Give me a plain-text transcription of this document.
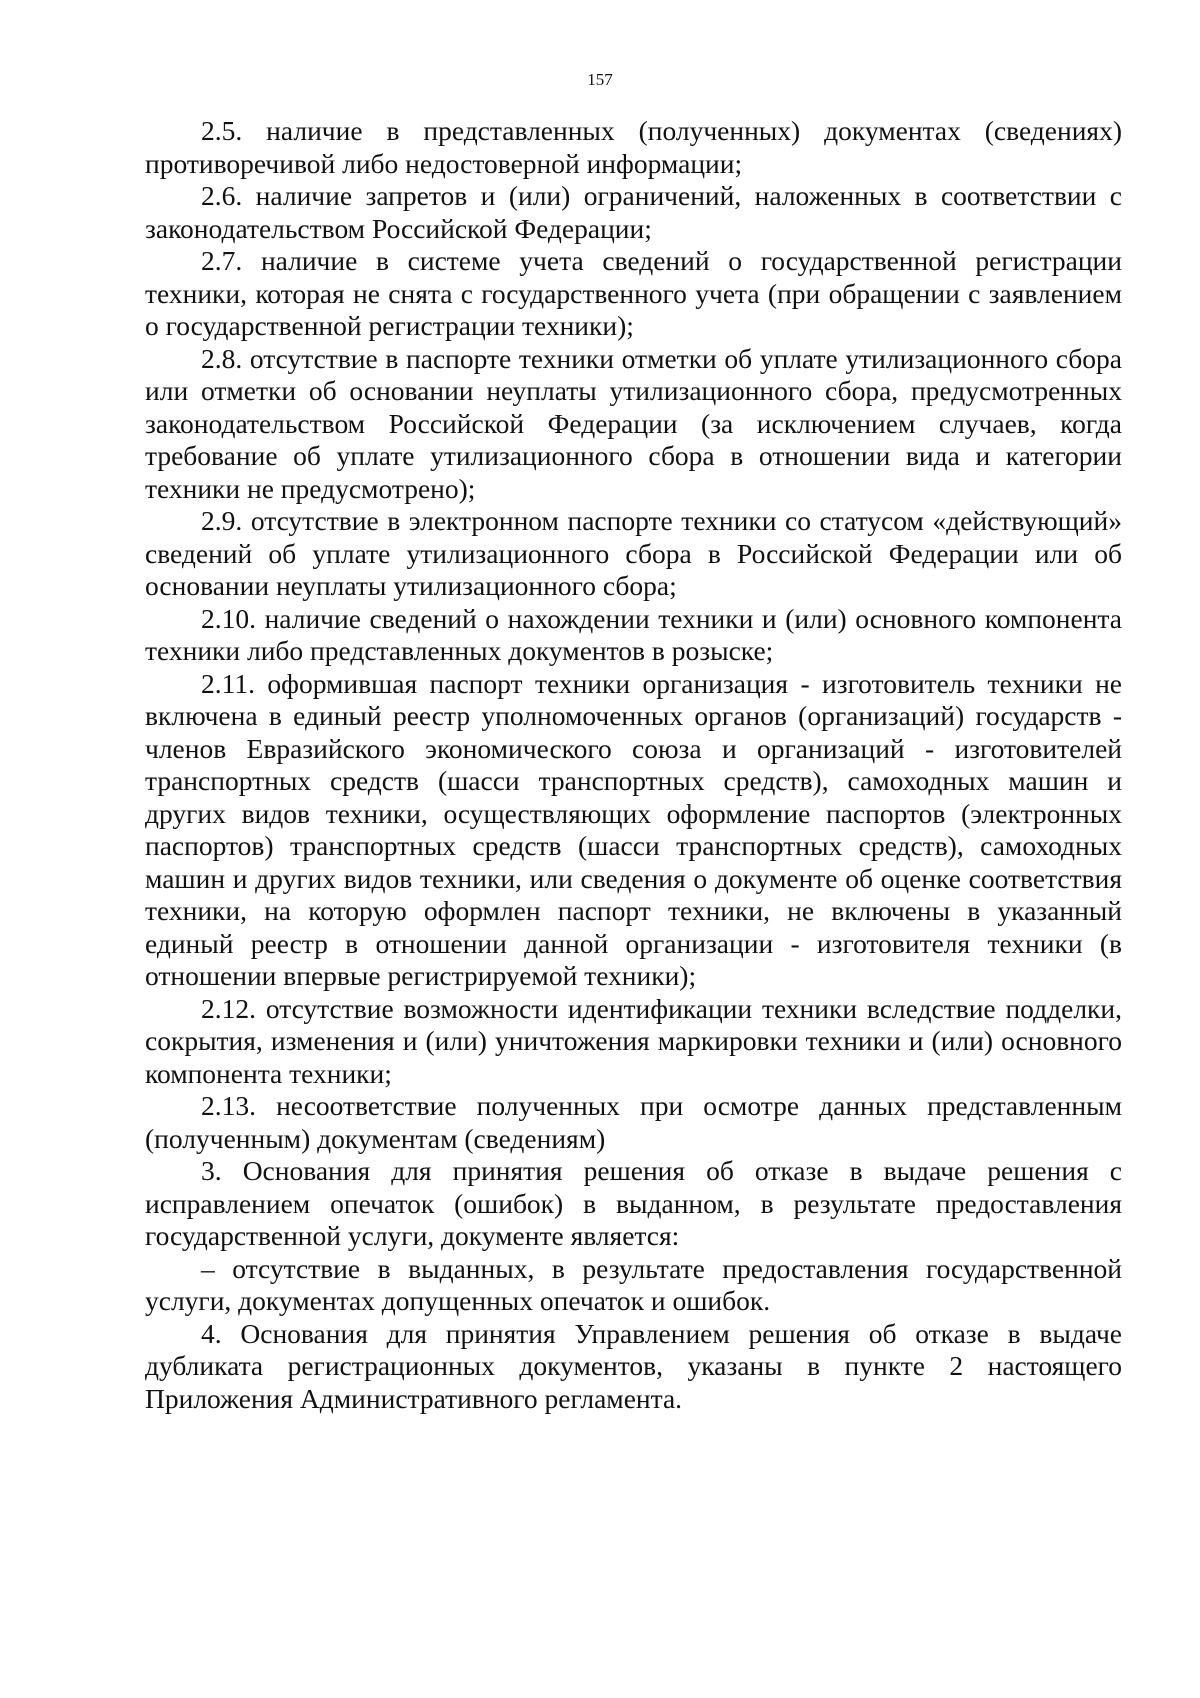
157

2.5. наличие в представленных (полученных) документах (сведениях) противоречивой либо недостоверной информации;

2.6. наличие запретов и (или) ограничений, наложенных в соответствии с законодательством Российской Федерации;

2.7. наличие в системе учета сведений о государственной регистрации техники, которая не снята с государственного учета (при обращении с заявлением о государственной регистрации техники);

2.8. отсутствие в паспорте техники отметки об уплате утилизационного сбора или отметки об основании неуплаты утилизационного сбора, предусмотренных законодательством Российской Федерации (за исключением случаев, когда требование об уплате утилизационного сбора в отношении вида и категории техники не предусмотрено);

2.9. отсутствие в электронном паспорте техники со статусом «действующий» сведений об уплате утилизационного сбора в Российской Федерации или об основании неуплаты утилизационного сбора;

2.10. наличие сведений о нахождении техники и (или) основного компонента техники либо представленных документов в розыске;

2.11. оформившая паспорт техники организация - изготовитель техники не включена в единый реестр уполномоченных органов (организаций) государств - членов Евразийского экономического союза и организаций - изготовителей транспортных средств (шасси транспортных средств), самоходных машин и других видов техники, осуществляющих оформление паспортов (электронных паспортов) транспортных средств (шасси транспортных средств), самоходных машин и других видов техники, или сведения о документе об оценке соответствия техники, на которую оформлен паспорт техники, не включены в указанный единый реестр в отношении данной организации - изготовителя техники (в отношении впервые регистрируемой техники);

2.12. отсутствие возможности идентификации техники вследствие подделки, сокрытия, изменения и (или) уничтожения маркировки техники и (или) основного компонента техники;

2.13. несоответствие полученных при осмотре данных представленным (полученным) документам (сведениям)

3. Основания для принятия решения об отказе в выдаче решения с исправлением опечаток (ошибок) в выданном, в результате предоставления государственной услуги, документе является:

– отсутствие в выданных, в результате предоставления государственной услуги, документах допущенных опечаток и ошибок.

4. Основания для принятия Управлением решения об отказе в выдаче дубликата регистрационных документов, указаны в пункте 2 настоящего Приложения Административного регламента.
